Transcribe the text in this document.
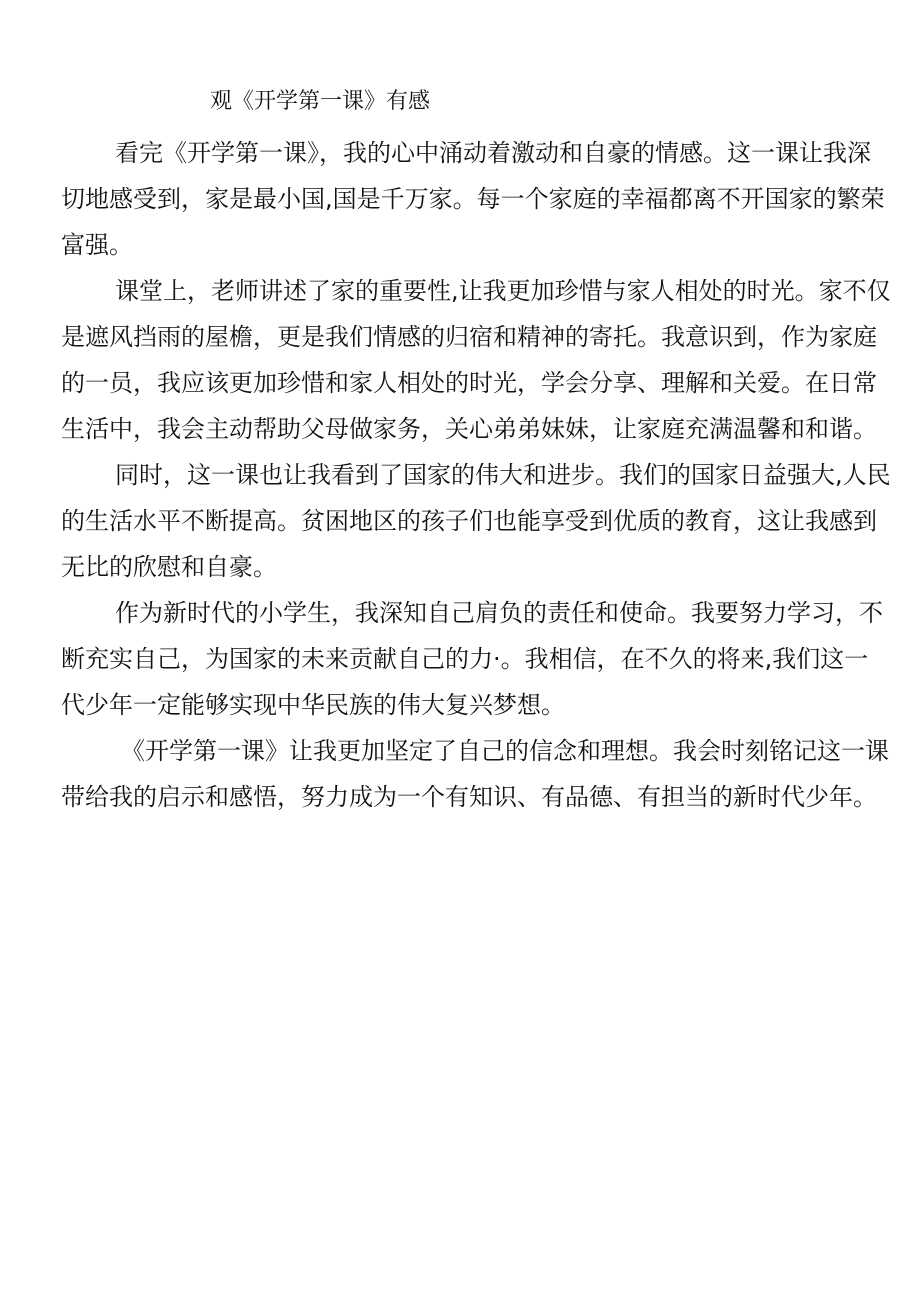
观《开学第一课》有感

看完《开学第一课》，我的心中涌动着激动和自豪的情感。这一课让我深
切地感受到，家是最小国,国是千万家。每一个家庭的幸福都离不开国家的繁荣
富强。

课堂上，老师讲述了家的重要性,让我更加珍惜与家人相处的时光。家不仅
是遮风挡雨的屋檐，更是我们情感的归宿和精神的寄托。我意识到，作为家庭
的一员，我应该更加珍惜和家人相处的时光，学会分享、理解和关爱。在日常
生活中，我会主动帮助父母做家务，关心弟弟妹妹，让家庭充满温馨和和谐。

同时，这一课也让我看到了国家的伟大和进步。我们的国家日益强大,人民
的生活水平不断提高。贫困地区的孩子们也能享受到优质的教育，这让我感到
无比的欣慰和自豪。

作为新时代的小学生，我深知自己肩负的责任和使命。我要努力学习，不
断充实自己，为国家的未来贡献自己的力·。我相信，在不久的将来,我们这一
代少年一定能够实现中华民族的伟大复兴梦想。

《开学第一课》让我更加坚定了自己的信念和理想。我会时刻铭记这一课
带给我的启示和感悟，努力成为一个有知识、有品德、有担当的新时代少年。
